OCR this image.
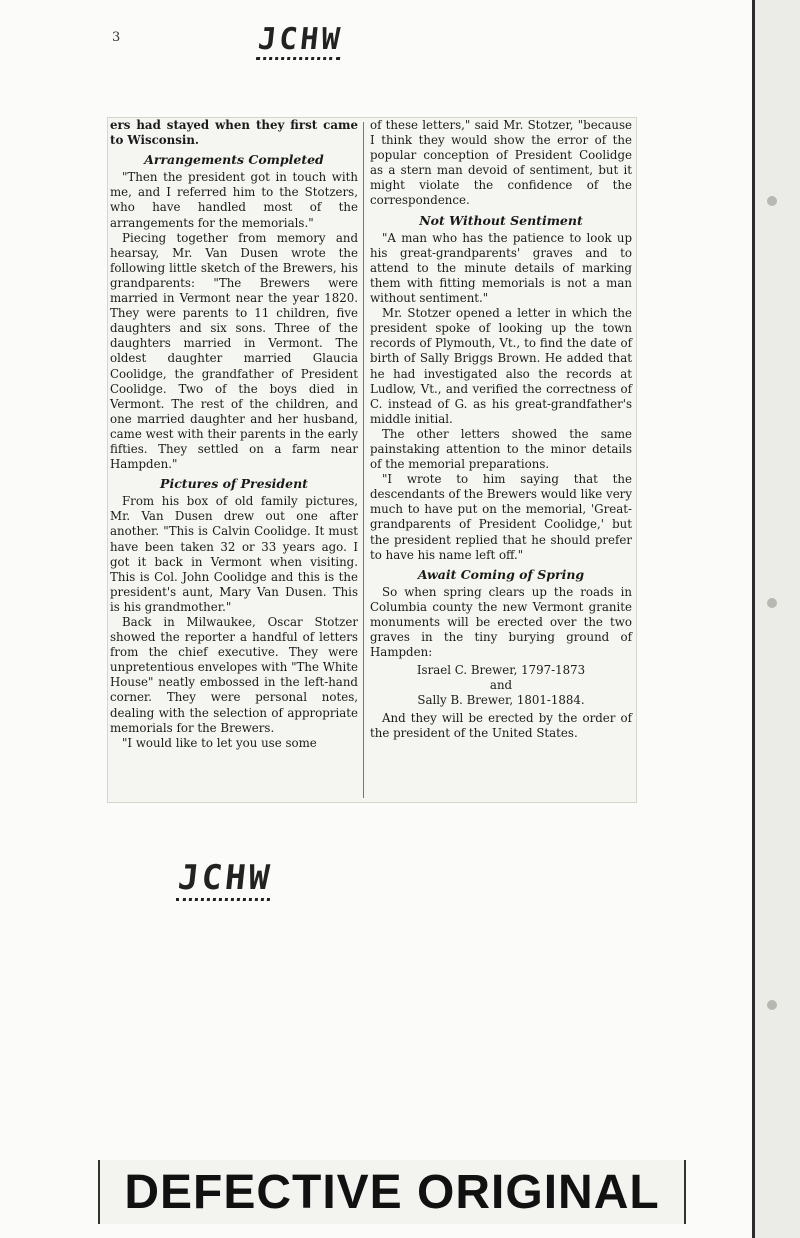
3	JCHW

ers had stayed when they first came to Wisconsin.

Arrangements Completed

"Then the president got in touch with me, and I referred him to the Stotzers, who have handled most of the arrangements for the memorials."

Piecing together from memory and hearsay, Mr. Van Dusen wrote the following little sketch of the Brewers, his grandparents: "The Brewers were married in Vermont near the year 1820. They were parents to 11 children, five daughters and six sons. Three of the daughters married in Vermont. The oldest daughter married Glaucia Coolidge, the grandfather of President Coolidge. Two of the boys died in Vermont. The rest of the children, and one married daughter and her husband, came west with their parents in the early fifties. They settled on a farm near Hampden."

Pictures of President

From his box of old family pictures, Mr. Van Dusen drew out one after another. "This is Calvin Coolidge. It must have been taken 32 or 33 years ago. I got it back in Vermont when visiting. This is Col. John Coolidge and this is the president's aunt, Mary Van Dusen. This is his grandmother."

Back in Milwaukee, Oscar Stotzer showed the reporter a handful of letters from the chief executive. They were unpretentious envelopes with "The White House" neatly embossed in the left-hand corner. They were personal notes, dealing with the selection of appropriate memorials for the Brewers.

"I would like to let you use some

of these letters," said Mr. Stotzer, "because I think they would show the error of the popular conception of President Coolidge as a stern man devoid of sentiment, but it might violate the confidence of the correspondence.

Not Without Sentiment

"A man who has the patience to look up his great-grandparents' graves and to attend to the minute details of marking them with fitting memorials is not a man without sentiment."

Mr. Stotzer opened a letter in which the president spoke of looking up the town records of Plymouth, Vt., to find the date of birth of Sally Briggs Brown. He added that he had investigated also the records at Ludlow, Vt., and verified the correctness of C. instead of G. as his great-grandfather's middle initial.

The other letters showed the same painstaking attention to the minor details of the memorial preparations.

"I wrote to him saying that the descendants of the Brewers would like very much to have put on the memorial, 'Great-grandparents of President Coolidge,' but the president replied that he should prefer to have his name left off."

Await Coming of Spring

So when spring clears up the roads in Columbia county the new Vermont granite monuments will be erected over the two graves in the tiny burying ground of Hampden:

Israel C. Brewer, 1797-1873

and

Sally B. Brewer, 1801-1884.

And they will be erected by the order of the president of the United States.

JCHW
DEFECTIVE ORIGINAL
